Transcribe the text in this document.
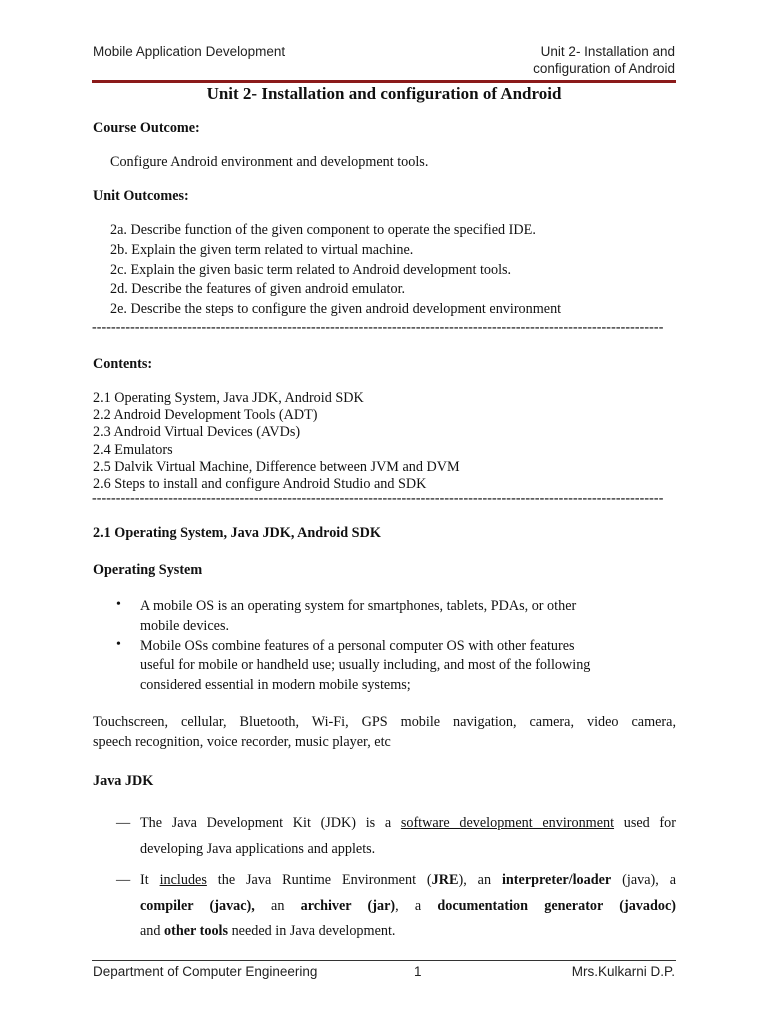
Mobile Application Development	Unit 2- Installation and
configuration of Android
Unit 2- Installation and configuration of Android
Course Outcome:
Configure Android environment and development tools.
Unit Outcomes:
2a. Describe function of the given component to operate the specified IDE.
2b. Explain the given term related to virtual machine.
2c. Explain the given basic term related to Android development tools.
2d. Describe the features of given android emulator.
2e. Describe the steps to configure the given android development environment
------------------------------------------------------------------------------------------------------------------------
Contents:
2.1 Operating System, Java JDK, Android SDK
2.2 Android Development Tools (ADT)
2.3 Android Virtual Devices (AVDs)
2.4 Emulators
2.5 Dalvik Virtual Machine, Difference between JVM and DVM
2.6 Steps to install and configure Android Studio and SDK
------------------------------------------------------------------------------------------------------------------------
2.1 Operating System, Java JDK, Android SDK
Operating System
• A mobile OS is an operating system for smartphones, tablets, PDAs, or other
mobile devices.
• Mobile OSs combine features of a personal computer OS with other features
useful for mobile or handheld use; usually including, and most of the following
considered essential in modern mobile systems;
Touchscreen, cellular, Bluetooth, Wi-Fi, GPS mobile navigation, camera, video camera,
speech recognition, voice recorder, music player, etc
Java JDK
— The Java Development Kit (JDK) is a software development environment used for
developing Java applications and applets.
— It includes the Java Runtime Environment (JRE), an interpreter/loader (java), a
compiler (javac), an archiver (jar), a documentation generator (javadoc)
and other tools needed in Java development.
Department of Computer Engineering	1	Mrs.Kulkarni D.P.
